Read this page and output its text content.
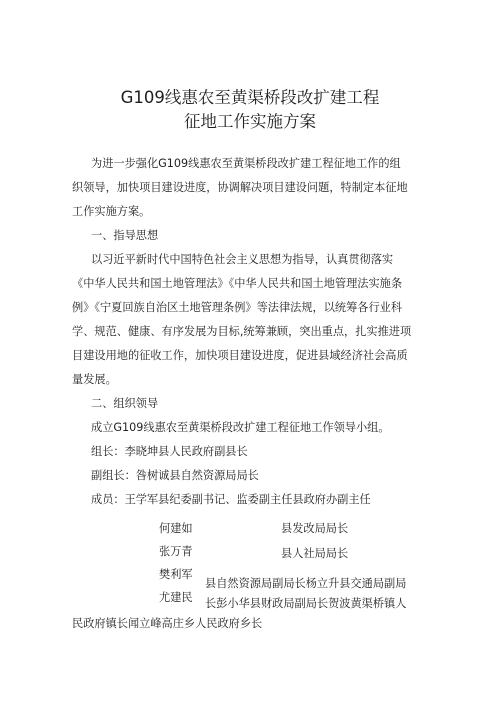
G109线惠农至黄渠桥段改扩建工程
征地工作实施方案
为进一步强化G109线惠农至黄渠桥段改扩建工程征地工作的组
织领导，加快项目建设进度，协调解决项目建设问题，特制定本征地
工作实施方案。
一、指导思想
以习近平新时代中国特色社会主义思想为指导，认真贯彻落实
《中华人民共和国土地管理法》《中华人民共和国土地管理法实施条
例》《宁夏回族自治区土地管理条例》等法律法规，以统筹各行业科
学、规范、健康、有序发展为目标,统筹兼顾，突出重点，扎实推进项
目建设用地的征收工作，加快项目建设进度，促进县域经济社会高质
量发展。
二、组织领导
成立G109线惠农至黄渠桥段改扩建工程征地工作领导小组。
组长：李晓坤县人民政府副县长
副组长：咎树诚县自然资源局局长
成员：王学军县纪委副书记、监委副主任县政府办副主任
何建如	县发改局局长
张万青	县人社局局长
樊利军
尤建民
县自然资源局副局长杨立升县交通局副局
长彭小华县财政局副局长贺波黄渠桥镇人
民政府镇长闻立峰高庄乡人民政府乡长
